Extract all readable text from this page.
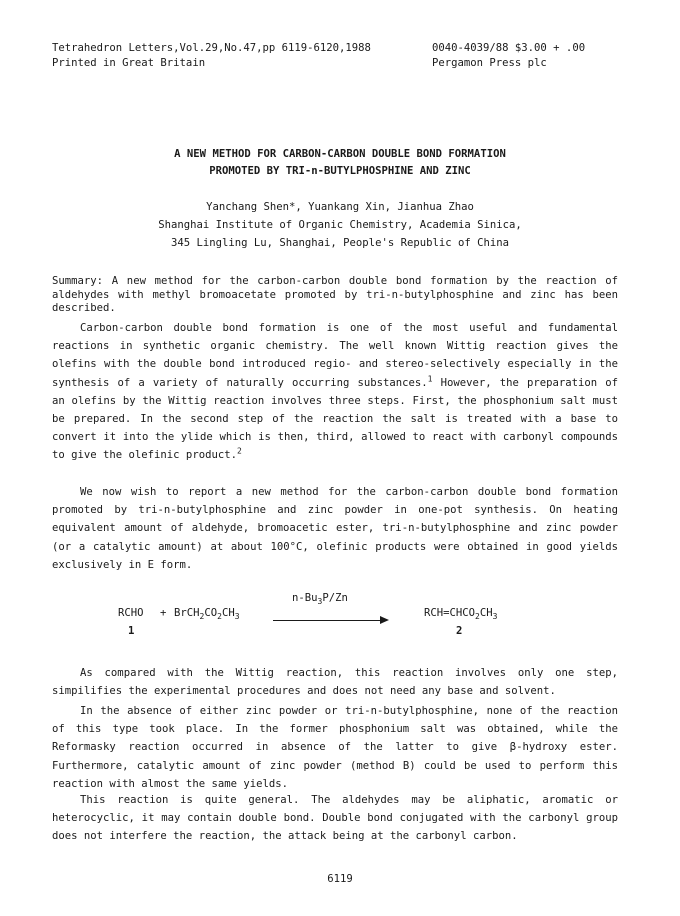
Tetrahedron Letters,Vol.29,No.47,pp 6119-6120,1988
Printed in Great Britain
0040-4039/88 $3.00 + .00
Pergamon Press plc
A NEW METHOD FOR CARBON-CARBON DOUBLE BOND FORMATION
PROMOTED BY TRI-n-BUTYLPHOSPHINE AND ZINC
Yanchang Shen*, Yuankang Xin, Jianhua Zhao
Shanghai Institute of Organic Chemistry, Academia Sinica,
345 Lingling Lu, Shanghai, People's Republic of China
Summary: A new method for the carbon-carbon double bond formation by the reaction of aldehydes with methyl bromoacetate promoted by tri-n-butylphosphine and zinc has been described.
Carbon-carbon double bond formation is one of the most useful and fundamental reactions in synthetic organic chemistry. The well known Wittig reaction gives the olefins with the double bond introduced regio- and stereo-selectively especially in the synthesis of a variety of naturally occurring substances.$^1$ However, the preparation of an olefins by the Wittig reaction involves three steps. First, the phosphonium salt must be prepared. In the second step of the reaction the salt is treated with a base to convert it into the ylide which is then, third, allowed to react with carbonyl compounds to give the olefinic product.$^2$
We now wish to report a new method for the carbon-carbon double bond formation promoted by tri-n-butylphosphine and zinc powder in one-pot synthesis. On heating equivalent amount of aldehyde, bromoacetic ester, tri-n-butylphosphine and zinc powder (or a catalytic amount) at about 100°C, olefinic products were obtained in good yields exclusively in E form.
RCHO + $BrCH_2CO_2CH_3$
$n-Bu_3P/Zn$
$RCH=CHCO_2CH_3$
1	2
As compared with the Wittig reaction, this reaction involves only one step, simpilifies the experimental procedures and does not need any base and solvent.
In the absence of either zinc powder or tri-n-butylphosphine, none of the reaction of this type took place. In the former phosphonium salt was obtained, while the Reformasky reaction occurred in absence of the latter to give β-hydroxy ester. Furthermore, catalytic amount of zinc powder (method B) could be used to perform this reaction with almost the same yields.
This reaction is quite general. The aldehydes may be aliphatic, aromatic or heterocyclic, it may contain double bond. Double bond conjugated with the carbonyl group does not interfere the reaction, the attack being at the carbonyl carbon.
6119
